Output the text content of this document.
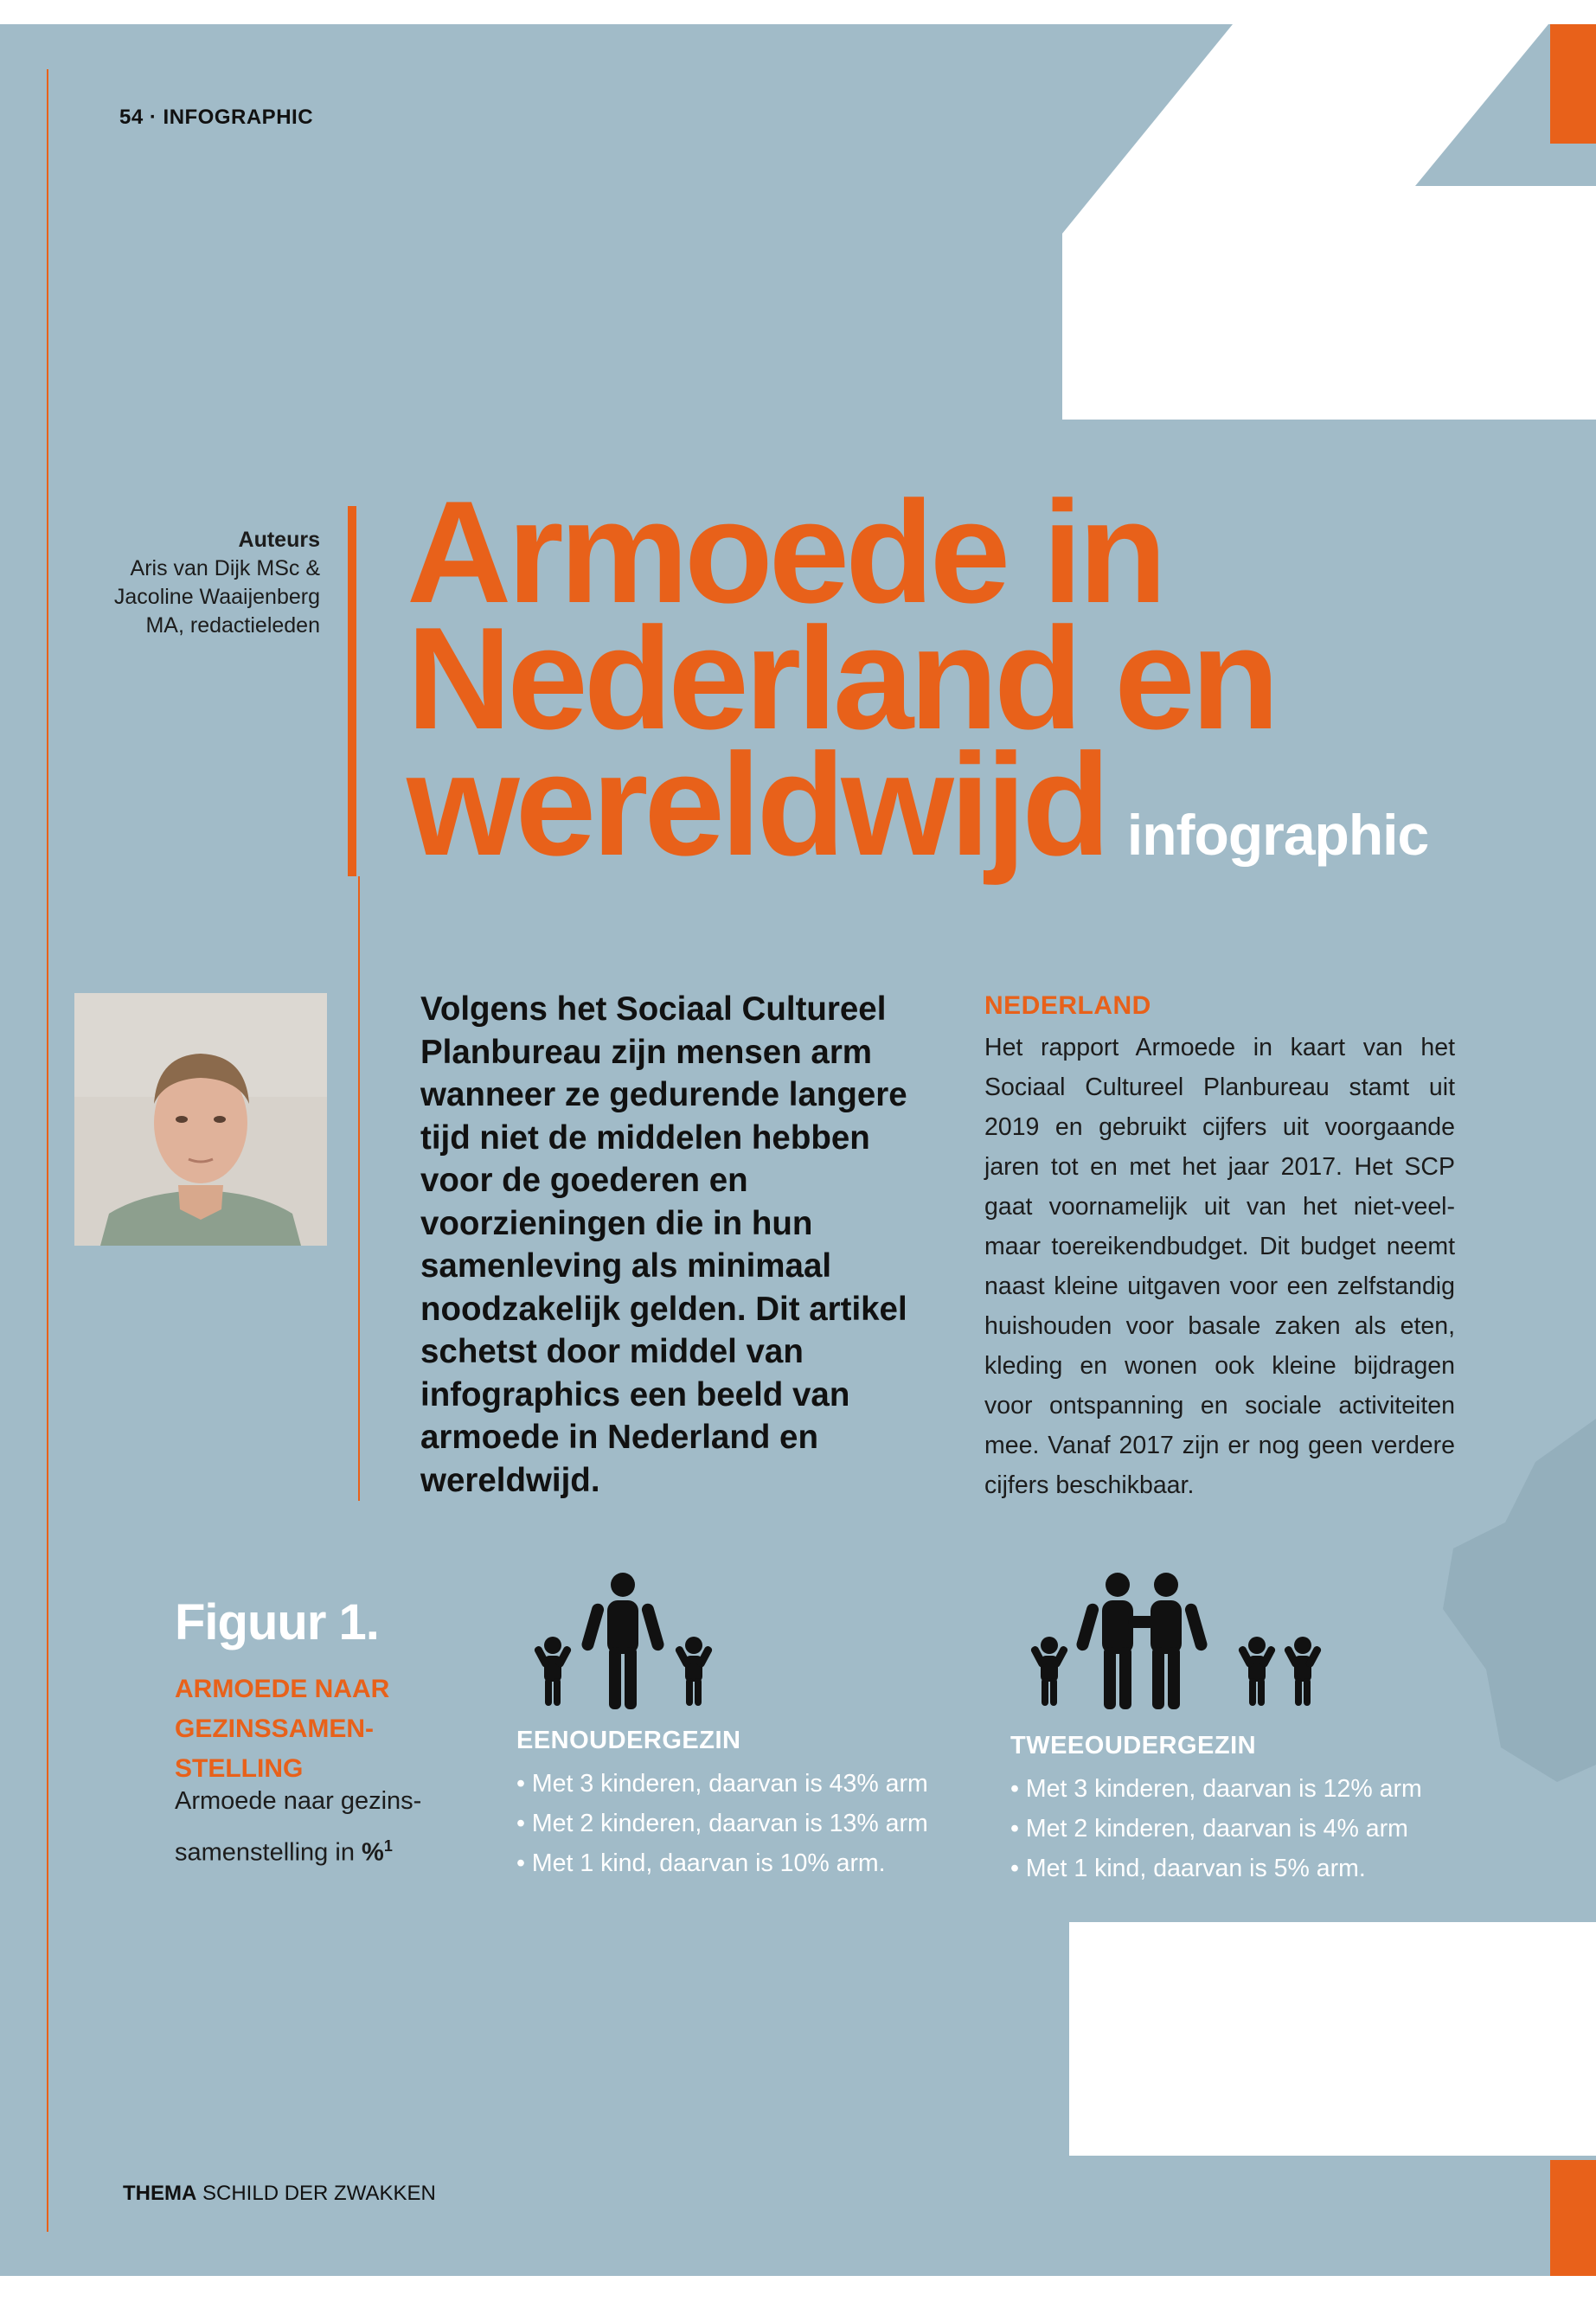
54 · INFOGRAPHIC
Auteurs
Aris van Dijk MSc & Jacoline Waaijenberg MA, redactieleden Armoede in
Nederland en
wereldwijd infographic
Volgens het Sociaal Cultureel Planbureau zijn mensen arm wanneer ze gedurende langere tijd niet de middelen hebben voor de goederen en voorzieningen die in hun samenleving als minimaal noodzakelijk gelden. Dit artikel schetst door middel van infographics een beeld van armoede in Nederland en wereldwijd.
NEDERLAND
Het rapport Armoede in kaart van het Sociaal Cultureel Planbureau stamt uit 2019 en gebruikt cijfers uit voorgaande jaren tot en met het jaar 2017. Het SCP gaat voornamelijk uit van het niet-veel-maar toereikendbudget. Dit budget neemt naast kleine uitgaven voor een zelfstandig huishouden voor basale zaken als eten, kleding en wonen ook kleine bijdragen voor ontspanning en sociale activiteiten mee. Vanaf 2017 zijn er nog geen verdere cijfers beschikbaar.
Figuur 1.
ARMOEDE NAAR GEZINSSAMEN-STELLING
Armoede naar gezins-samenstelling in %$^1$
EENOUDERGEZIN
• Met 3 kinderen, daarvan is 43% arm
• Met 2 kinderen, daarvan is 13% arm
• Met 1 kind, daarvan is 10% arm.
TWEEOUDERGEZIN
• Met 3 kinderen, daarvan is 12% arm
• Met 2 kinderen, daarvan is 4% arm
• Met 1 kind, daarvan is 5% arm.
THEMA SCHILD DER ZWAKKEN
